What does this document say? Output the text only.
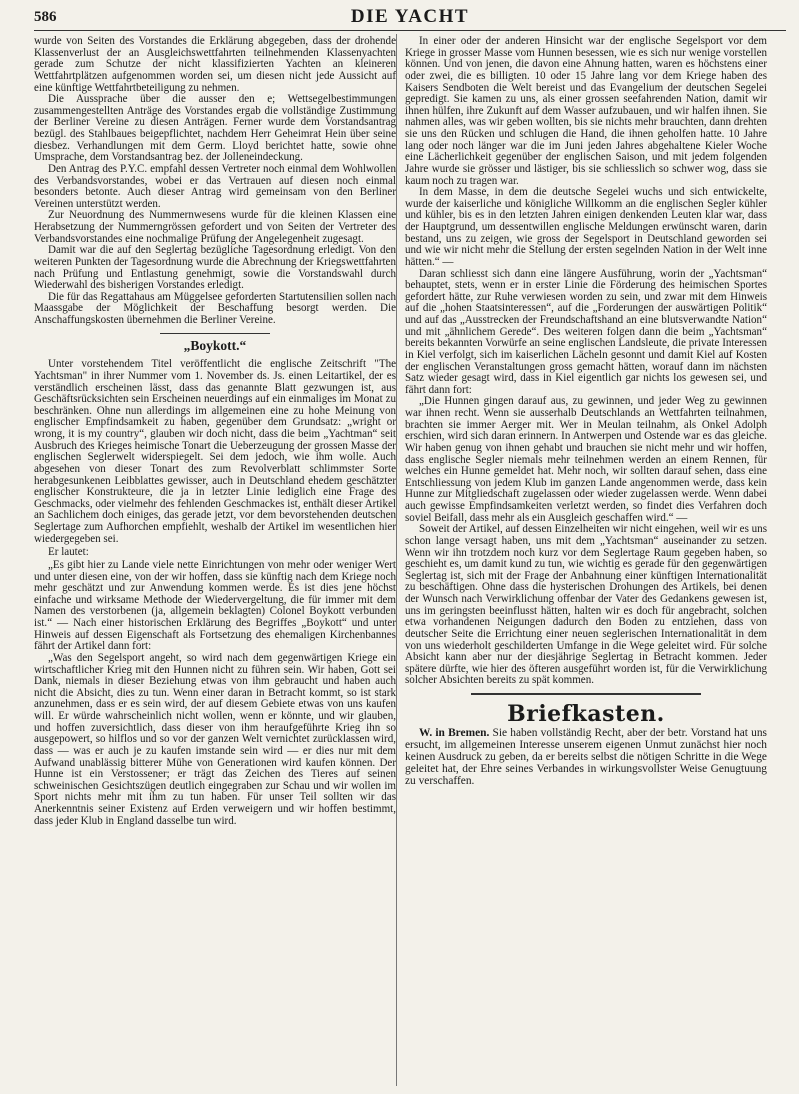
586	DIE YACHT

wurde von Seiten des Vorstandes die Erklärung abgegeben, dass der drohende Klassenverlust der an Ausgleichswettfahrten teilnehmenden Klassenyachten gerade zum Schutze der nicht klassifizierten Yachten an kleineren Wettfahrtplätzen aufgenommen worden sei, um diesen nicht jede Aussicht auf eine künftige Wettfahrtbeteiligung zu nehmen.

Die Aussprache über die ausser den e; Wettsegelbestimmungen zusammengestellten Anträge des Vorstandes ergab die vollständige Zustimmung der Berliner Vereine zu diesen Anträgen. Ferner wurde dem Vorstandsantrag bezügl. des Stahlbaues beigepflichtet, nachdem Herr Geheimrat Hein über seine diesbez. Verhandlungen mit dem Germ. Lloyd berichtet hatte, sowie ohne Umsprache, dem Vorstandsantrag bez. der Jolleneindeckung.

Den Antrag des P.Y.C. empfahl dessen Vertreter noch einmal dem Wohlwollen des Verbandsvorstandes, wobei er das Vertrauen auf diesen noch einmal besonders betonte. Auch dieser Antrag wird gemeinsam von den Berliner Vereinen unterstützt werden.

Zur Neuordnung des Nummernwesens wurde für die kleinen Klassen eine Herabsetzung der Nummerngrössen gefordert und von Seiten der Vertreter des Verbandsvorstandes eine nochmalige Prüfung der Angelegenheit zugesagt.

Damit war die auf den Seglertag bezügliche Tagesordnung erledigt. Von den weiteren Punkten der Tagesordnung wurde die Abrechnung der Kriegswettfahrten nach Prüfung und Entlastung genehmigt, sowie die Vorstandswahl durch Wiederwahl des bisherigen Vorstandes erledigt.

Die für das Regattahaus am Müggelsee geforderten Startutensilien sollen nach Maassgabe der Möglichkeit der Beschaffung besorgt werden. Die Anschaffungskosten übernehmen die Berliner Vereine.

„Boykott.“

Unter vorstehendem Titel veröffentlicht die englische Zeitschrift "The Yachtsman" in ihrer Nummer vom 1. November ds. Js. einen Leitartikel, der es verständlich erscheinen lässt, dass das genannte Blatt gezwungen ist, aus Geschäftsrücksichten sein Erscheinen neuerdings auf ein einmaliges im Monat zu beschränken. Ohne nun allerdings im allgemeinen eine zu hohe Meinung von englischer Empfindsamkeit zu haben, gegenüber dem Grundsatz: „wright or wrong, it is my country“, glauben wir doch nicht, dass die beim „Yachtman“ seit Ausbruch des Krieges heimische Tonart die Ueberzeugung der grossen Masse der englischen Seglerwelt widerspiegelt. Sei dem jedoch, wie ihm wolle. Auch abgesehen von dieser Tonart des zum Revolverblatt schlimmster Sorte herabgesunkenen Leibblattes gewisser, auch in Deutschland ehedem geschätzter englischer Konstrukteure, die ja in letzter Linie lediglich eine Frage des Geschmacks, oder vielmehr des fehlenden Geschmackes ist, enthält dieser Artikel an Sachlichem doch einiges, das gerade jetzt, vor dem bevorstehenden deutschen Seglertage zum Aufhorchen empfiehlt, weshalb der Artikel im wesentlichen hier wiedergegeben sei.

Er lautet:

„Es gibt hier zu Lande viele nette Einrichtungen von mehr oder weniger Wert und unter diesen eine, von der wir hoffen, dass sie künftig nach dem Kriege noch mehr geschätzt und zur Anwendung kommen werde. Es ist dies jene höchst einfache und wirksame Methode der Wiedervergeltung, die für immer mit dem Namen des verstorbenen (ja, allgemein beklagten) Colonel Boykott verbunden ist.“ — Nach einer historischen Erklärung des Begriffes „Boykott“ und unter Hinweis auf dessen Eigenschaft als Fortsetzung des ehemaligen Kirchenbannes fährt der Artikel dann fort:

„Was den Segelsport angeht, so wird nach dem gegenwärtigen Kriege ein wirtschaftlicher Krieg mit den Hunnen nicht zu führen sein. Wir haben, Gott sei Dank, niemals in dieser Beziehung etwas von ihm gebraucht und haben auch nicht die Absicht, dies zu tun. Wenn einer daran in Betracht kommt, so ist stark anzunehmen, dass er es sein wird, der auf diesem Gebiete etwas von uns kaufen will. Er würde wahrscheinlich nicht wollen, wenn er könnte, und wir glauben, und hoffen zuversichtlich, dass dieser von ihm heraufgeführte Krieg ihn so ausgepowert, so hilflos und so vor der ganzen Welt vernichtet zurücklassen wird, dass — was er auch je zu kaufen imstande sein wird — er dies nur mit dem Aufwand unablässig bitterer Mühe von Generationen wird kaufen können. Der Hunne ist ein Verstossener; er trägt das Zeichen des Tieres auf seinen schweinischen Gesichtszügen deutlich eingegraben zur Schau und wir wollen im Sport nichts mehr mit ihm zu tun haben. Für unser Teil sollten wir das Anerkenntnis seiner Existenz auf Erden verweigern und wir hoffen bestimmt, dass jeder Klub in England dasselbe tun wird.

In einer oder der anderen Hinsicht war der englische Segelsport vor dem Kriege in grosser Masse vom Hunnen besessen, wie es sich nur wenige vorstellen können. Und von jenen, die davon eine Ahnung hatten, waren es höchstens einer oder zwei, die es billigten. 10 oder 15 Jahre lang vor dem Kriege haben des Kaisers Sendboten die Welt bereist und das Evangelium der deutschen Segelei gepredigt. Sie kamen zu uns, als einer grossen seefahrenden Nation, damit wir ihnen hülfen, ihre Zukunft auf dem Wasser aufzubauen, und wir halfen ihnen. Sie nahmen alles, was wir geben wollten, bis sie nichts mehr brauchten, dann drehten sie uns den Rücken und schlugen die Hand, die ihnen geholfen hatte. 10 Jahre lang oder noch länger war die im Juni jeden Jahres abgehaltene Kieler Woche eine Lächerlichkeit gegenüber der englischen Saison, und mit jedem folgenden Jahre wurde sie grösser und lästiger, bis sie schliesslich so schwer wog, dass sie kaum noch zu tragen war.

In dem Masse, in dem die deutsche Segelei wuchs und sich entwickelte, wurde der kaiserliche und königliche Willkomm an die englischen Segler kühler und kühler, bis es in den letzten Jahren einigen denkenden Leuten klar war, dass der Hauptgrund, um dessentwillen englische Meldungen erwünscht waren, darin bestand, uns zu zeigen, wie gross der Segelsport in Deutschland geworden sei und wie wir nicht mehr die Stellung der ersten segelnden Nation in der Welt inne hätten.“ —

Daran schliesst sich dann eine längere Ausführung, worin der „Yachtsman“ behauptet, stets, wenn er in erster Linie die Förderung des heimischen Sportes gefordert hätte, zur Ruhe verwiesen worden zu sein, und zwar mit dem Hinweis auf die „hohen Staatsinteressen“, auf die „Forderungen der auswärtigen Politik“ und auf das „Ausstrecken der Freundschaftshand an eine blutsverwandte Nation“ und mit „ähnlichem Gerede“. Des weiteren folgen dann die beim „Yachtsman“ bereits bekannten Vorwürfe an seine englischen Landsleute, die private Interessen in Kiel verfolgt, sich im kaiserlichen Lächeln gesonnt und damit Kiel auf Kosten der englischen Veranstaltungen gross gemacht hätten, worauf dann im nächsten Satz wieder gesagt wird, dass in Kiel eigentlich gar nichts los gewesen sei, und fährt dann fort:

„Die Hunnen gingen darauf aus, zu gewinnen, und jeder Weg zu gewinnen war ihnen recht. Wenn sie ausserhalb Deutschlands an Wettfahrten teilnahmen, brachten sie immer Aerger mit. Wer in Meulan teilnahm, als Onkel Adolph erschien, wird sich daran erinnern. In Antwerpen und Ostende war es das gleiche. Wir haben genug von ihnen gehabt und brauchen sie nicht mehr und wir hoffen, dass englische Segler niemals mehr teilnehmen werden an einem Rennen, für welches ein Hunne gemeldet hat. Mehr noch, wir sollten darauf sehen, dass eine Entschliessung von jedem Klub im ganzen Lande angenommen werde, dass kein Hunne zur Mitgliedschaft zugelassen oder wieder zugelassen werde. Wenn dabei auch gewisse Empfindsamkeiten verletzt werden, so findet dies Verfahren doch soviel Beifall, dass mehr als ein Ausgleich geschaffen wird.“ —

Soweit der Artikel, auf dessen Einzelheiten wir nicht eingehen, weil wir es uns schon lange versagt haben, uns mit dem „Yachtsman“ auseinander zu setzen. Wenn wir ihn trotzdem noch kurz vor dem Seglertage Raum gegeben haben, so geschieht es, um damit kund zu tun, wie wichtig es gerade für den gegenwärtigen Seglertag ist, sich mit der Frage der Anbahnung einer künftigen Internationalität zu beschäftigen. Ohne dass die hysterischen Drohungen des Artikels, bei denen der Wunsch nach Verwirklichung offenbar der Vater des Gedankens gewesen ist, uns im geringsten beeinflusst hätten, halten wir es doch für angebracht, solchen etwa vorhandenen Neigungen dadurch den Boden zu entziehen, dass von deutscher Seite die Errichtung einer neuen seglerischen Internationalität in dem von uns wiederholt geschilderten Umfange in die Wege geleitet wird. Für solche Absicht kann aber nur der diesjährige Seglertag in Betracht kommen. Jeder spätere dürfte, wie hier des öfteren ausgeführt worden ist, für die Verwirklichung solcher Absichten bereits zu spät kommen.

Briefkasten.

W. in Bremen. Sie haben vollständig Recht, aber der betr. Vorstand hat uns ersucht, im allgemeinen Interesse unserem eigenen Unmut zunächst hier noch keinen Ausdruck zu geben, da er bereits selbst die nötigen Schritte in die Wege geleitet hat, der Ehre seines Verbandes in wirkungsvollster Weise Genugtuung zu verschaffen.
